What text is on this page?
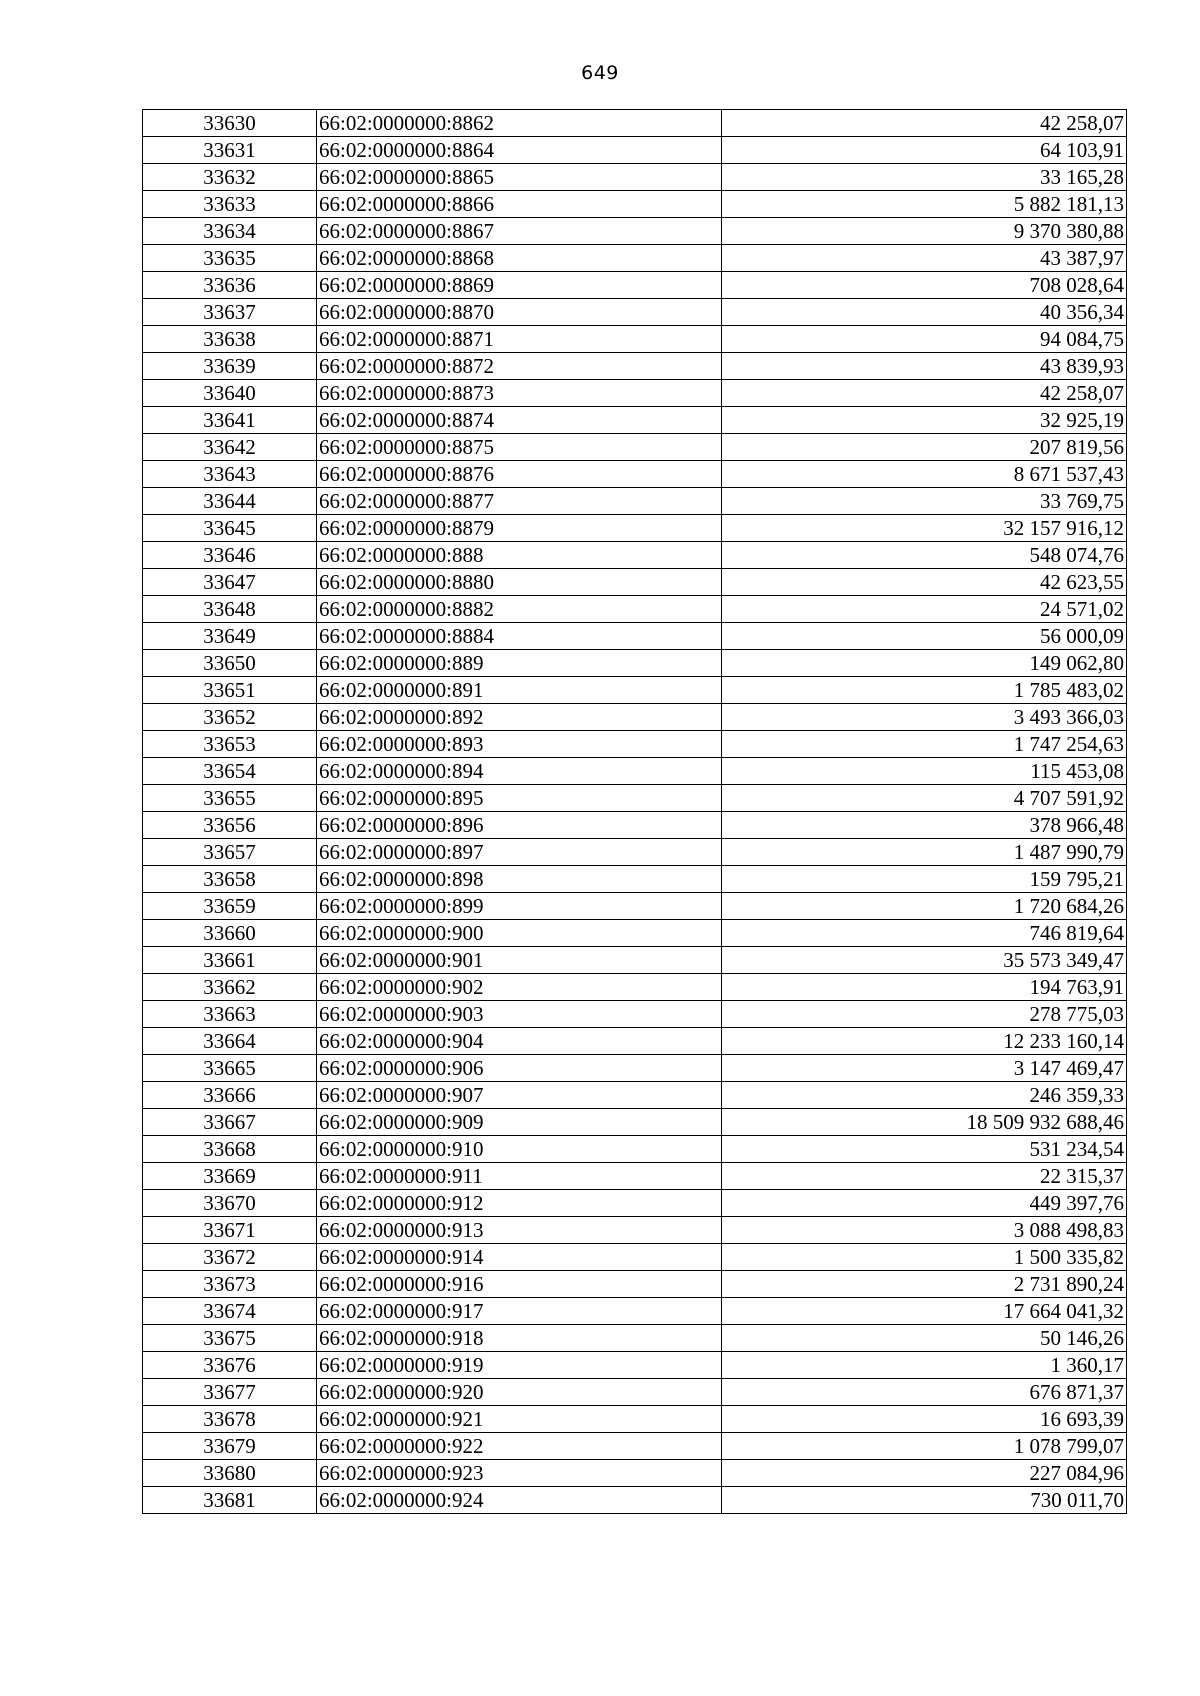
649
33630	66:02:0000000:8862	42 258,07
33631	66:02:0000000:8864	64 103,91
33632	66:02:0000000:8865	33 165,28
33633	66:02:0000000:8866	5 882 181,13
33634	66:02:0000000:8867	9 370 380,88
33635	66:02:0000000:8868	43 387,97
33636	66:02:0000000:8869	708 028,64
33637	66:02:0000000:8870	40 356,34
33638	66:02:0000000:8871	94 084,75
33639	66:02:0000000:8872	43 839,93
33640	66:02:0000000:8873	42 258,07
33641	66:02:0000000:8874	32 925,19
33642	66:02:0000000:8875	207 819,56
33643	66:02:0000000:8876	8 671 537,43
33644	66:02:0000000:8877	33 769,75
33645	66:02:0000000:8879	32 157 916,12
33646	66:02:0000000:888	548 074,76
33647	66:02:0000000:8880	42 623,55
33648	66:02:0000000:8882	24 571,02
33649	66:02:0000000:8884	56 000,09
33650	66:02:0000000:889	149 062,80
33651	66:02:0000000:891	1 785 483,02
33652	66:02:0000000:892	3 493 366,03
33653	66:02:0000000:893	1 747 254,63
33654	66:02:0000000:894	115 453,08
33655	66:02:0000000:895	4 707 591,92
33656	66:02:0000000:896	378 966,48
33657	66:02:0000000:897	1 487 990,79
33658	66:02:0000000:898	159 795,21
33659	66:02:0000000:899	1 720 684,26
33660	66:02:0000000:900	746 819,64
33661	66:02:0000000:901	35 573 349,47
33662	66:02:0000000:902	194 763,91
33663	66:02:0000000:903	278 775,03
33664	66:02:0000000:904	12 233 160,14
33665	66:02:0000000:906	3 147 469,47
33666	66:02:0000000:907	246 359,33
33667	66:02:0000000:909	18 509 932 688,46
33668	66:02:0000000:910	531 234,54
33669	66:02:0000000:911	22 315,37
33670	66:02:0000000:912	449 397,76
33671	66:02:0000000:913	3 088 498,83
33672	66:02:0000000:914	1 500 335,82
33673	66:02:0000000:916	2 731 890,24
33674	66:02:0000000:917	17 664 041,32
33675	66:02:0000000:918	50 146,26
33676	66:02:0000000:919	1 360,17
33677	66:02:0000000:920	676 871,37
33678	66:02:0000000:921	16 693,39
33679	66:02:0000000:922	1 078 799,07
33680	66:02:0000000:923	227 084,96
33681	66:02:0000000:924	730 011,70
